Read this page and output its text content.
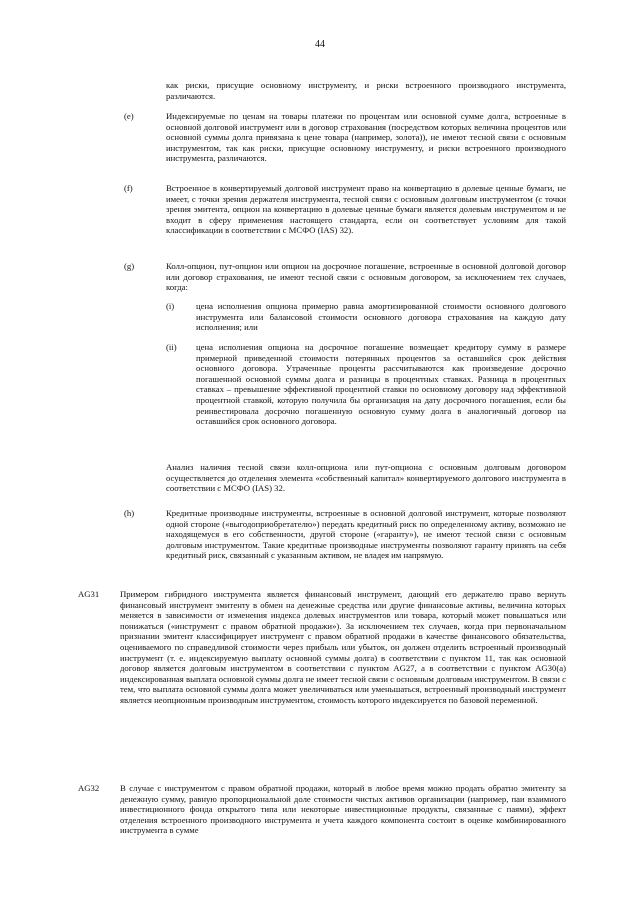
44

как риски, присущие основному инструменту, и риски встроенного производного инструмента, различаются.

(e)	Индексируемые по ценам на товары платежи по процентам или основной сумме долга, встроенные в основной долговой инструмент или в договор страхования (посредством которых величина процентов или основной суммы долга привязана к цене товара (например, золота)), не имеют тесной связи с основным инструментом, так как риски, присущие основному инструменту, и риски встроенного производного инструмента, различаются.

(f)	Встроенное в конвертируемый долговой инструмент право на конвертацию в долевые ценные бумаги, не имеет, с точки зрения держателя инструмента, тесной связи с основным долговым инструментом (с точки зрения эмитента, опцион на конвертацию в долевые ценные бумаги является долевым инструментом и не входит в сферу применения настоящего стандарта, если он соответствует условиям для такой классификации в соответствии с МСФО (IAS) 32).

(g)	Колл-опцион, пут-опцион или опцион на досрочное погашение, встроенные в основной долговой договор или договор страхования, не имеют тесной связи с основным договором, за исключением тех случаев, когда:

(i)	цена исполнения опциона примерно равна амортизированной стоимости основного долгового инструмента или балансовой стоимости основного договора страхования на каждую дату исполнения; или

(ii) цена исполнения опциона на досрочное погашение возмещает кредитору сумму в размере примерной приведенной стоимости потерянных процентов за оставшийся срок действия основного договора. Утраченные проценты рассчитываются как произведение досрочно погашенной основной суммы долга и разницы в процентных ставках. Разница в процентных ставках – превышение эффективной процентной ставки по основному договору над эффективной процентной ставкой, которую получила бы организация на дату досрочного погашения, если бы реинвестировала досрочно погашенную основную сумму долга в аналогичный договор на оставшийся срок основного договора.

Анализ наличия тесной связи колл-опциона или пут-опциона с основным долговым договором осуществляется до отделения элемента «собственный капитал» конвертируемого долгового инструмента в соответствии с МСФО (IAS) 32.

(h)	Кредитные производные инструменты, встроенные в основной долговой инструмент, которые позволяют одной стороне («выгодоприобретателю») передать кредитный риск по определенному активу, возможно не находящемуся в его собственности, другой стороне («гаранту»), не имеют тесной связи с основным долговым инструментом. Такие кредитные производные инструменты позволяют гаранту принять на себя кредитный риск, связанный с указанным активом, не владея им напрямую.

AG31 Примером гибридного инструмента является финансовый инструмент, дающий его держателю право вернуть финансовый инструмент эмитенту в обмен на денежные средства или другие финансовые активы, величина которых меняется в зависимости от изменения индекса долевых инструментов или товара, который может повышаться или понижаться («инструмент с правом обратной продажи»). За исключением тех случаев, когда при первоначальном признании эмитент классифицирует инструмент с правом обратной продажи в качестве финансового обязательства, оцениваемого по справедливой стоимости через прибыль или убыток, он должен отделить встроенный производный инструмент (т. е. индексируемую выплату основной суммы долга) в соответствии с пунктом 11, так как основной договор является долговым инструментом в соответствии с пунктом AG27, а в соответствии с пунктом AG30(a) индексированная выплата основной суммы долга не имеет тесной связи с основным долговым инструментом. В связи с тем, что выплата основной суммы долга может увеличиваться или уменьшаться, встроенный производный инструмент является неопционным производным инструментом, стоимость которого индексируется по базовой переменной.

AG32 В случае с инструментом с правом обратной продажи, который в любое время можно продать обратно эмитенту за денежную сумму, равную пропорциональной доле стоимости чистых активов организации (например, паи взаимного инвестиционного фонда открытого типа или некоторые инвестиционные продукты, связанные с паями), эффект отделения встроенного производного инструмента и учета каждого компонента состоит в оценке комбинированного инструмента в сумме
